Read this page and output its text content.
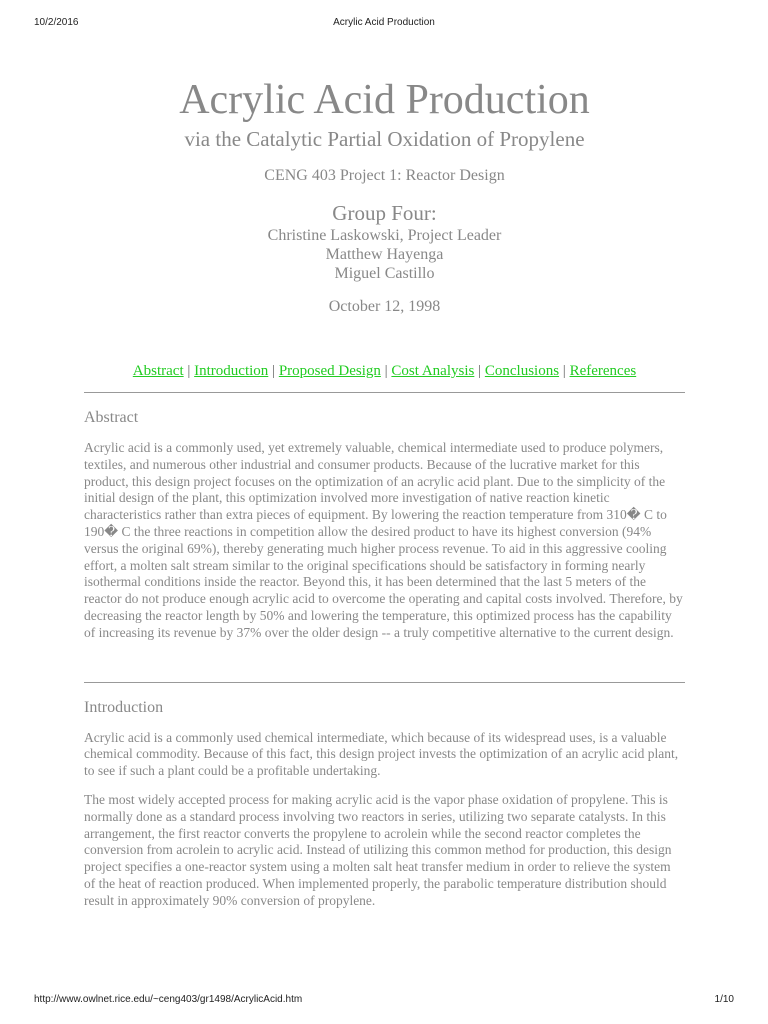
10/2/2016	Acrylic Acid Production
Acrylic Acid Production
via the Catalytic Partial Oxidation of Propylene
CENG 403 Project 1: Reactor Design
Group Four:
Christine Laskowski, Project Leader
Matthew Hayenga
Miguel Castillo
October 12, 1998
Abstract | Introduction | Proposed Design | Cost Analysis | Conclusions | References
Abstract

Acrylic acid is a commonly used, yet extremely valuable, chemical intermediate used to produce polymers, textiles, and numerous other industrial and consumer products. Because of the lucrative market for this product, this design project focuses on the optimization of an acrylic acid plant. Due to the simplicity of the initial design of the plant, this optimization involved more investigation of native reaction kinetic characteristics rather than extra pieces of equipment. By lowering the reaction temperature from 310� C to 190� C the three reactions in competition allow the desired product to have its highest conversion (94% versus the original 69%), thereby generating much higher process revenue. To aid in this aggressive cooling effort, a molten salt stream similar to the original specifications should be satisfactory in forming nearly isothermal conditions inside the reactor. Beyond this, it has been determined that the last 5 meters of the reactor do not produce enough acrylic acid to overcome the operating and capital costs involved. Therefore, by decreasing the reactor length by 50% and lowering the temperature, this optimized process has the capability of increasing its revenue by 37% over the older design -- a truly competitive alternative to the current design.

Introduction

Acrylic acid is a commonly used chemical intermediate, which because of its widespread uses, is a valuable chemical commodity. Because of this fact, this design project invests the optimization of an acrylic acid plant, to see if such a plant could be a profitable undertaking.

The most widely accepted process for making acrylic acid is the vapor phase oxidation of propylene. This is normally done as a standard process involving two reactors in series, utilizing two separate catalysts. In this arrangement, the first reactor converts the propylene to acrolein while the second reactor completes the conversion from acrolein to acrylic acid. Instead of utilizing this common method for production, this design project specifies a one-reactor system using a molten salt heat transfer medium in order to relieve the system of the heat of reaction produced. When implemented properly, the parabolic temperature distribution should result in approximately 90% conversion of propylene.

http://www.owlnet.rice.edu/~ceng403/gr1498/AcrylicAcid.htm	1/10
